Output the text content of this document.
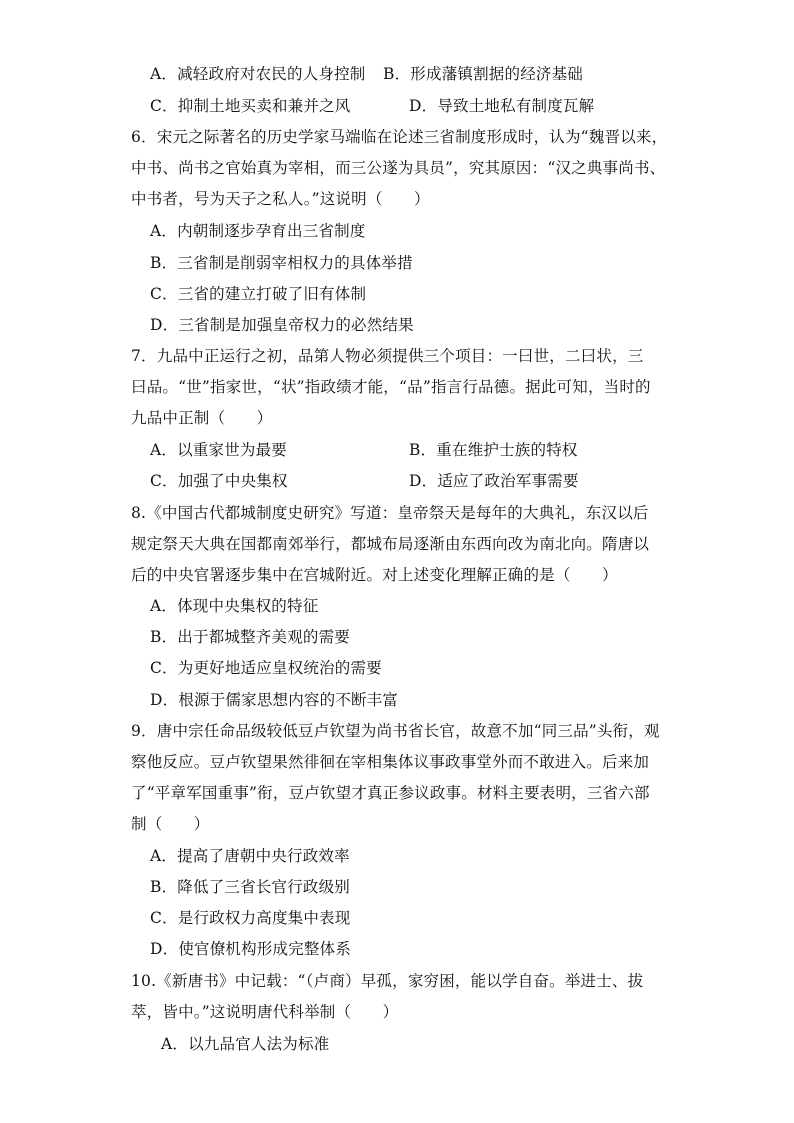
A．减轻政府对农民的人身控制 B．形成藩镇割据的经济基础
C．抑制土地买卖和兼并之风	D．导致土地私有制度瓦解
6．宋元之际著名的历史学家马端临在论述三省制度形成时，认为“魏晋以来，
中书、尚书之官始真为宰相，而三公遂为具员”，究其原因：“汉之典事尚书、
中书者，号为天子之私人。”这说明（　　）
A．内朝制逐步孕育出三省制度
B．三省制是削弱宰相权力的具体举措
C．三省的建立打破了旧有体制
D．三省制是加强皇帝权力的必然结果
7．九品中正运行之初，品第人物必须提供三个项目：一曰世，二曰状，三
曰品。“世”指家世，“状”指政绩才能，“品”指言行品德。据此可知，当时的
九品中正制（　　）
A．以重家世为最要	B．重在维护士族的特权
C．加强了中央集权	D．适应了政治军事需要
8.《中国古代都城制度史研究》写道：皇帝祭天是每年的大典礼，东汉以后
规定祭天大典在国都南郊举行，都城布局逐渐由东西向改为南北向。隋唐以
后的中央官署逐步集中在宫城附近。对上述变化理解正确的是（　　）
A．体现中央集权的特征
B．出于都城整齐美观的需要
C．为更好地适应皇权统治的需要
D．根源于儒家思想内容的不断丰富
9．唐中宗任命品级较低豆卢钦望为尚书省长官，故意不加“同三品”头衔，观
察他反应。豆卢钦望果然徘徊在宰相集体议事政事堂外而不敢进入。后来加
了“平章军国重事”衔，豆卢钦望才真正参议政事。材料主要表明，三省六部
制（　　）
A．提高了唐朝中央行政效率
B．降低了三省长官行政级别
C．是行政权力高度集中表现
D．使官僚机构形成完整体系
10.《新唐书》中记载：“（卢商）早孤，家穷困，能以学自奋。举进士、拔
萃，皆中。”这说明唐代科举制（　　）
A．以九品官人法为标准
